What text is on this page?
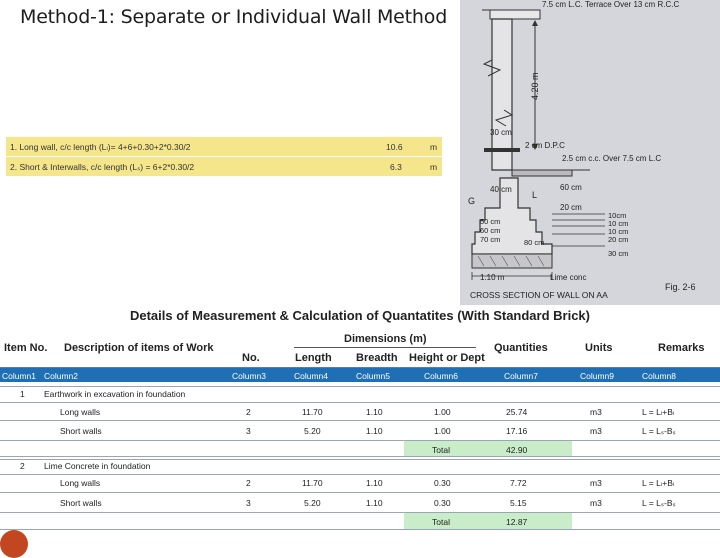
Method-1: Separate or Individual Wall Method
1. Long wall, c/c length (Lₗ)= 4+6+0.30+2*0.30/2	10.6	m
2. Short & Interwalls, c/c length (Lₛ) = 6+2*0.30/2	6.3	m
7.5 cm L.C. Terrace Over 13 cm R.C.C
4.20 m
30 cm
2 cm D.P.C
2.5 cm c.c. Over 7.5 cm L.C
40 cm
G
L
60 cm
20 cm
50 cm
60 cm
70 cm	80 cm
10cm
10 cm
10 cm
20 cm
30 cm
1.10 m	Lime conc
Fig. 2-6
CROSS SECTION OF WALL ON AA
Details of Measurement & Calculation of Quantatites (With Standard Brick)
Item No. Description of items of Work
No.
Dimensions (m)
Length Breadth Height or Dept
Quantities	Units	Remarks
Column1 Column2	Column3	Column4	Column5	Column6	Column7	Column9	Column8
1 Earthwork in excavation in foundation
Long walls	2	11.70	1.10	1.00	25.74	m3	L = Lₗ+Bₗ
Short walls	3	5.20	1.10	1.00	17.16	m3	L = Lₛ-Bₛ
Total	42.90
2 Lime Concrete in foundation
Long walls	2	11.70	1.10	0.30	7.72	m3	L = Lₗ+Bₗ
Short walls	3	5.20	1.10	0.30	5.15	m3	L = Lₛ-Bₛ
Total	12.87
